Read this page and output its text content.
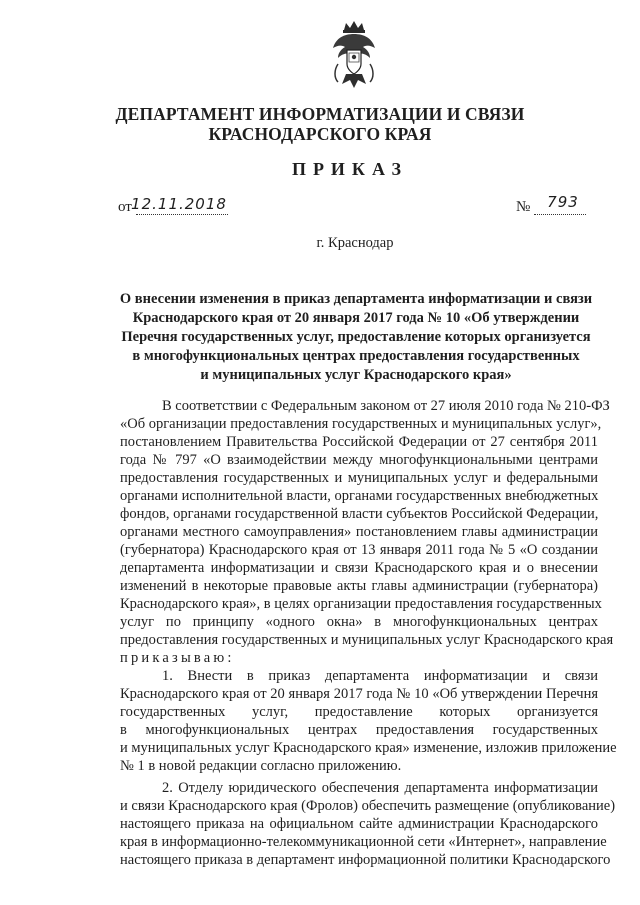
ДЕПАРТАМЕНТ ИНФОРМАТИЗАЦИИ И СВЯЗИ
КРАСНОДАРСКОГО КРАЯ
ПРИКАЗ
от 12.11.2018	№	793
г. Краснодар
О внесении изменения в приказ департамента информатизации и связи
Краснодарского края от 20 января 2017 года № 10 «Об утверждении
Перечня государственных услуг, предоставление которых организуется
в многофункциональных центрах предоставления государственных
и муниципальных услуг Краснодарского края»
В соответствии с Федеральным законом от 27 июля 2010 года № 210-ФЗ
«Об организации предоставления государственных и муниципальных услуг»,
постановлением Правительства Российской Федерации от 27 сентября 2011
года № 797 «О взаимодействии между многофункциональными центрами
предоставления государственных и муниципальных услуг и федеральными
органами исполнительной власти, органами государственных внебюджетных
фондов, органами государственной власти субъектов Российской Федерации,
органами местного самоуправления» постановлением главы администрации
(губернатора) Краснодарского края от 13 января 2011 года № 5 «О создании
департамента информатизации и связи Краснодарского края и о внесении
изменений в некоторые правовые акты главы администрации (губернатора)
Краснодарского края», в целях организации предоставления государственных
услуг по принципу «одного окна» в многофункциональных центрах
предоставления государственных и муниципальных услуг Краснодарского края
приказываю:
1. Внести в приказ департамента информатизации и связи
Краснодарского края от 20 января 2017 года № 10 «Об утверждении Перечня
государственных услуг, предоставление которых организуется
в многофункциональных центрах предоставления государственных
и муниципальных услуг Краснодарского края» изменение, изложив приложение
№ 1 в новой редакции согласно приложению.
2. Отделу юридического обеспечения департамента информатизации
и связи Краснодарского края (Фролов) обеспечить размещение (опубликование)
настоящего приказа на официальном сайте администрации Краснодарского
края в информационно-телекоммуникационной сети «Интернет», направление
настоящего приказа в департамент информационной политики Краснодарского
